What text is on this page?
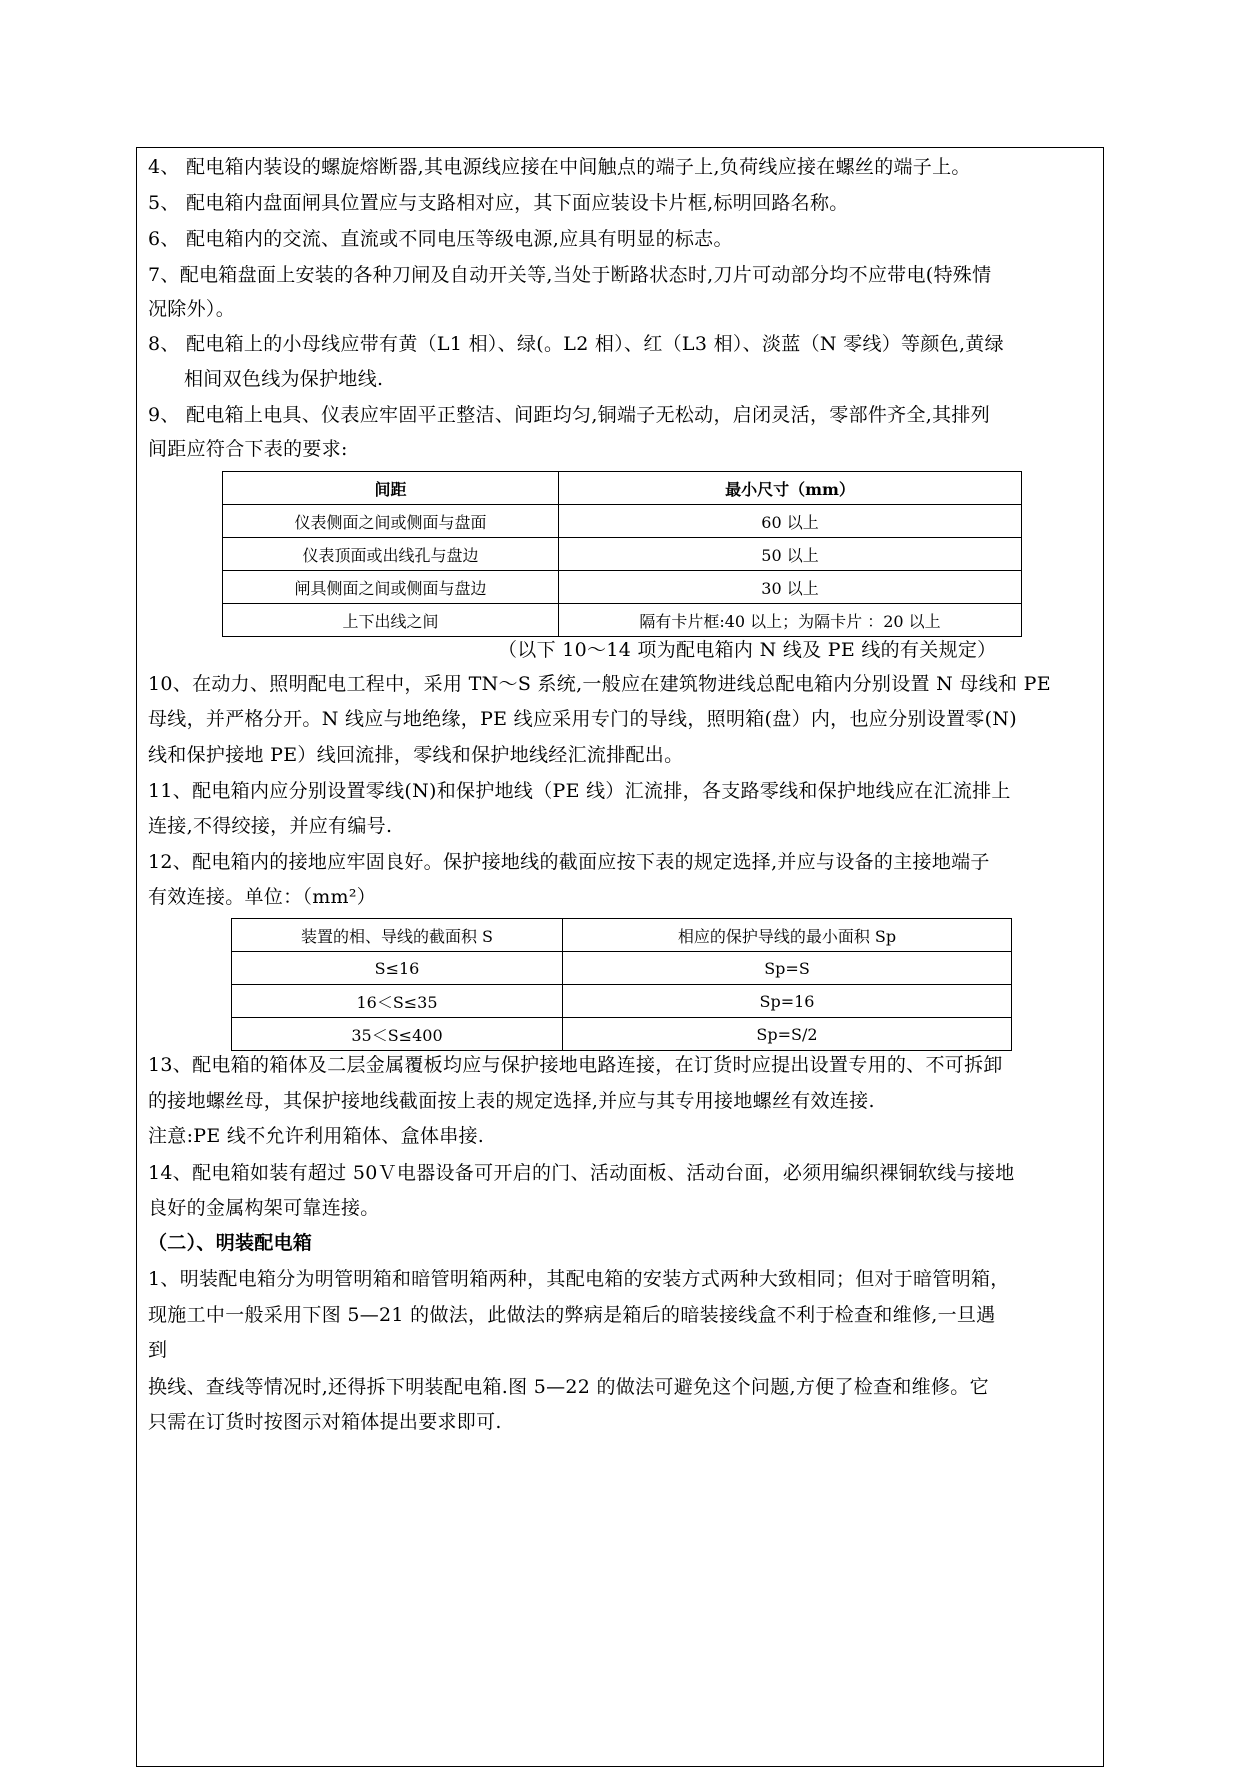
4、 配电箱内装设的螺旋熔断器,其电源线应接在中间触点的端子上,负荷线应接在螺丝的端子上。
5、 配电箱内盘面闸具位置应与支路相对应，其下面应装设卡片框,标明回路名称。
6、 配电箱内的交流、直流或不同电压等级电源,应具有明显的标志。
7、配电箱盘面上安装的各种刀闸及自动开关等,当处于断路状态时,刀片可动部分均不应带电(特殊情
况除外）。
8、 配电箱上的小母线应带有黄（L1 相）、绿(。L2 相）、红（L3 相）、淡蓝（N 零线）等颜色,黄绿
相间双色线为保护地线.
9、 配电箱上电具、仪表应牢固平正整洁、间距均匀,铜端子无松动，启闭灵活，零部件齐全,其排列
间距应符合下表的要求:
间距	最小尺寸（mm）
仪表侧面之间或侧面与盘面	60 以上
仪表顶面或出线孔与盘边	50 以上
闸具侧面之间或侧面与盘边	30 以上
上下出线之间	隔有卡片框:40 以上；为隔卡片 ：20 以上
（以下 10～14 项为配电箱内 N 线及 PE 线的有关规定）
10、在动力、照明配电工程中，采用 TN～S 系统,一般应在建筑物进线总配电箱内分别设置 N 母线和 PE
母线，并严格分开。N 线应与地绝缘，PE 线应采用专门的导线，照明箱(盘）内，也应分别设置零(N)
线和保护接地 PE）线回流排，零线和保护地线经汇流排配出。
11、配电箱内应分别设置零线(N)和保护地线（PE 线）汇流排，各支路零线和保护地线应在汇流排上
连接,不得绞接，并应有编号.
12、配电箱内的接地应牢固良好。保护接地线的截面应按下表的规定选择,并应与设备的主接地端子
有效连接。单位：（mm²）
装置的相、导线的截面积 S	相应的保护导线的最小面积 Sp
S≤16	Sp=S
16＜S≤35	Sp=16
35＜S≤400	Sp=S/2
13、配电箱的箱体及二层金属覆板均应与保护接地电路连接，在订货时应提出设置专用的、不可拆卸
的接地螺丝母，其保护接地线截面按上表的规定选择,并应与其专用接地螺丝有效连接.
注意:PE 线不允许利用箱体、盒体串接.
14、配电箱如装有超过 50Ｖ电器设备可开启的门、活动面板、活动台面，必须用编织裸铜软线与接地
良好的金属构架可靠连接。
（二）、明装配电箱
1、明装配电箱分为明管明箱和暗管明箱两种，其配电箱的安装方式两种大致相同；但对于暗管明箱，
现施工中一般采用下图 5—21 的做法，此做法的弊病是箱后的暗装接线盒不利于检查和维修,一旦遇
到
换线、查线等情况时,还得拆下明装配电箱.图 5—22 的做法可避免这个问题,方便了检查和维修。它
只需在订货时按图示对箱体提出要求即可.
